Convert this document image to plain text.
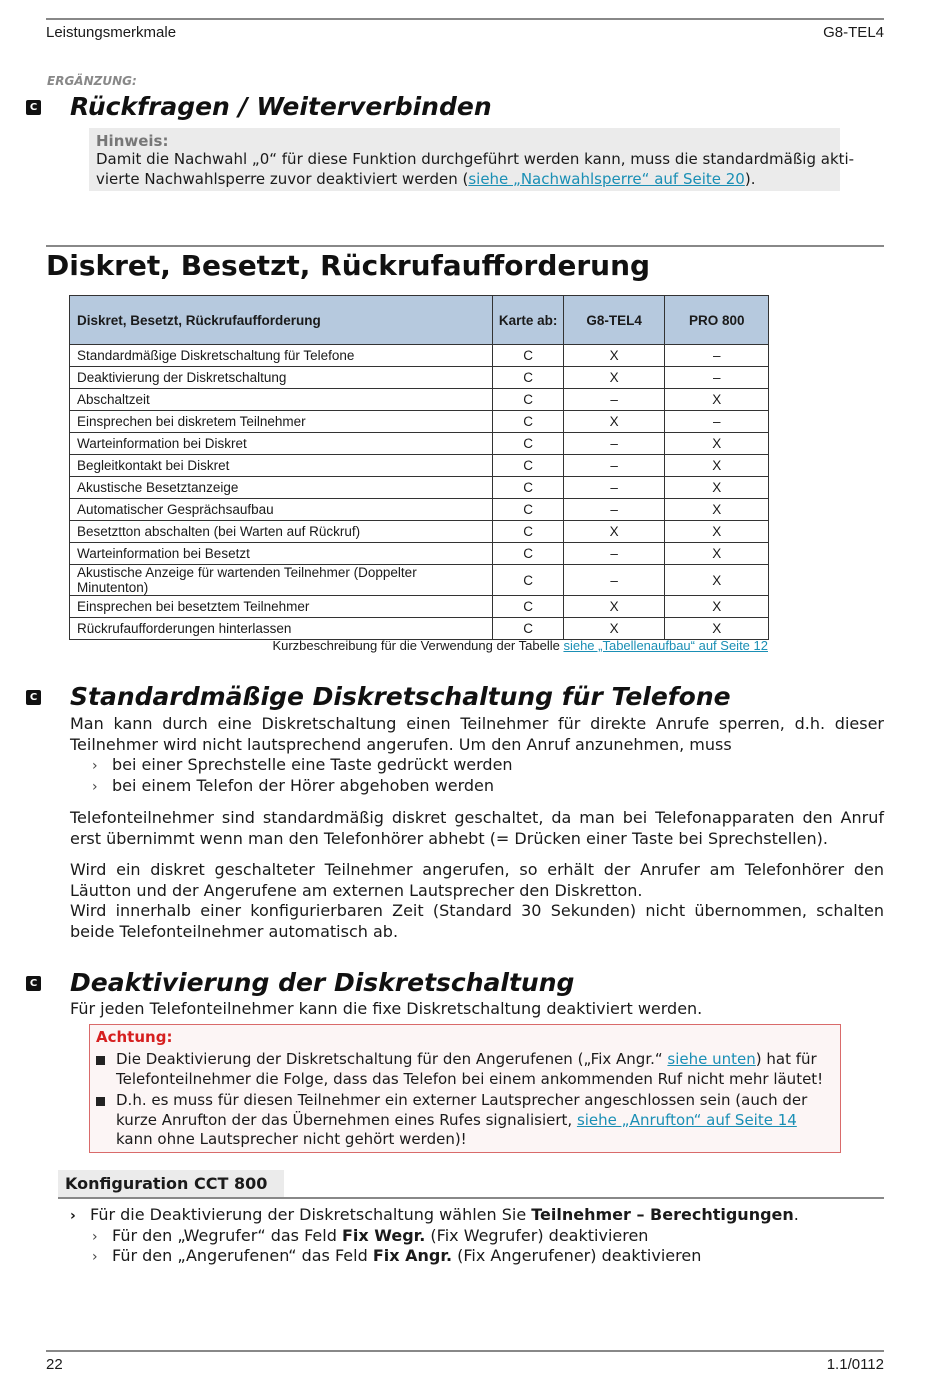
Leistungsmerkmale	G8-TEL4
ERGÄNZUNG:
C Rückfragen / Weiterverbinden
Hinweis:
Damit die Nachwahl „0“ für diese Funktion durchgeführt werden kann, muss die standardmäßig akti-
vierte Nachwahlsperre zuvor deaktiviert werden (siehe „Nachwahlsperre“ auf Seite 20).
Diskret, Besetzt, Rückrufaufforderung
Diskret, Besetzt, Rückrufaufforderung	Karte ab:	G8-TEL4	PRO 800
Standardmäßige Diskretschaltung für Telefone	C	X	–
Deaktivierung der Diskretschaltung	C	X	–
Abschaltzeit	C	–	X
Einsprechen bei diskretem Teilnehmer	C	X	–
Warteinformation bei Diskret	C	–	X
Begleitkontakt bei Diskret	C	–	X
Akustische Besetztanzeige	C	–	X
Automatischer Gesprächsaufbau	C	–	X
Besetztton abschalten (bei Warten auf Rückruf)	C	X	X
Warteinformation bei Besetzt	C	–	X
Akustische Anzeige für wartenden Teilnehmer (Doppelter Minutenton)	C	–	X
Einsprechen bei besetztem Teilnehmer	C	X	X
Rückrufaufforderungen hinterlassen	C	X	X
Kurzbeschreibung für die Verwendung der Tabelle siehe „Tabellenaufbau“ auf Seite 12
C Standardmäßige Diskretschaltung für Telefone

Man kann durch eine Diskretschaltung einen Teilnehmer für direkte Anrufe sperren, d.h. dieser Teilnehmer wird nicht lautsprechend angerufen. Um den Anruf anzunehmen, muss

› bei einer Sprechstelle eine Taste gedrückt werden
› bei einem Telefon der Hörer abgehoben werden

Telefonteilnehmer sind standardmäßig diskret geschaltet, da man bei Telefonapparaten den Anruf erst übernimmt wenn man den Telefonhörer abhebt (= Drücken einer Taste bei Sprechstellen).

Wird ein diskret geschalteter Teilnehmer angerufen, so erhält der Anrufer am Telefonhörer den Läutton und der Angerufene am externen Lautsprecher den Diskretton.

Wird innerhalb einer konfigurierbaren Zeit (Standard 30 Sekunden) nicht übernommen, schalten beide Telefonteilnehmer automatisch ab.

C Deaktivierung der Diskretschaltung

Für jeden Telefonteilnehmer kann die fixe Diskretschaltung deaktiviert werden.

Achtung:
Die Deaktivierung der Diskretschaltung für den Angerufenen („Fix Angr.“ siehe unten) hat für Telefonteilnehmer die Folge, dass das Telefon bei einem ankommenden Ruf nicht mehr läutet!
D.h. es muss für diesen Teilnehmer ein externer Lautsprecher angeschlossen sein (auch der kurze Anrufton der das Übernehmen eines Rufes signalisiert, siehe „Anrufton“ auf Seite 14 kann ohne Lautsprecher nicht gehört werden)!
Konfiguration CCT 800
› Für die Deaktivierung der Diskretschaltung wählen Sie Teilnehmer – Berechtigungen.
› Für den „Wegrufer“ das Feld Fix Wegr. (Fix Wegrufer) deaktivieren
› Für den „Angerufenen“ das Feld Fix Angr. (Fix Angerufener) deaktivieren
22	1.1/0112
